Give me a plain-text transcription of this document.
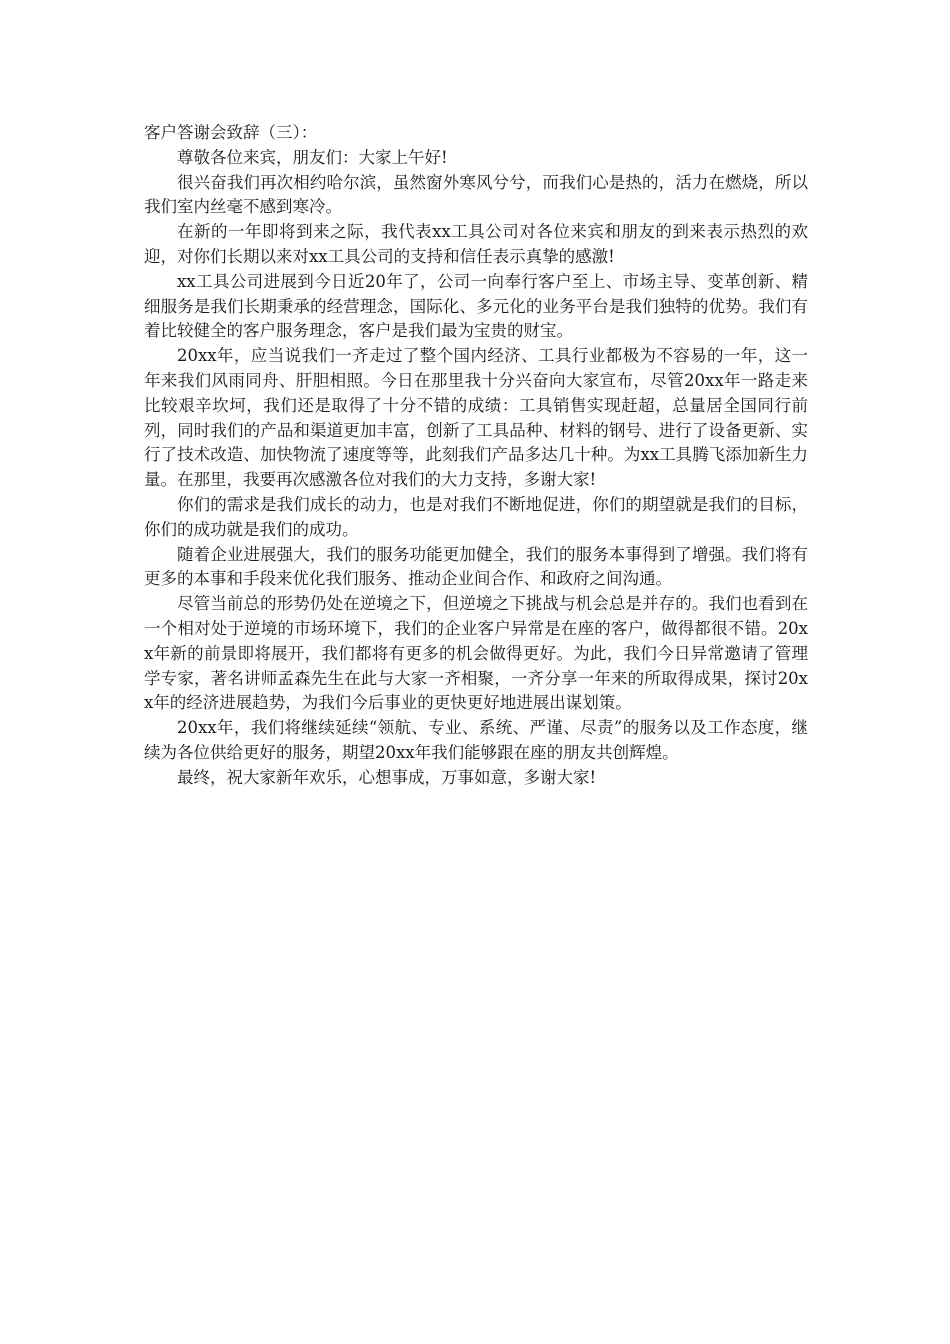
客户答谢会致辞（三）：

尊敬各位来宾，朋友们：大家上午好!

很兴奋我们再次相约哈尔滨，虽然窗外寒风兮兮，而我们心是热的，活力在燃烧，所以我们室内丝毫不感到寒冷。

在新的一年即将到来之际，我代表xx工具公司对各位来宾和朋友的到来表示热烈的欢迎，对你们长期以来对xx工具公司的支持和信任表示真挚的感激!

xx工具公司进展到今日近20年了，公司一向奉行客户至上、市场主导、变革创新、精细服务是我们长期秉承的经营理念，国际化、多元化的业务平台是我们独特的优势。我们有着比较健全的客户服务理念，客户是我们最为宝贵的财宝。

20xx年，应当说我们一齐走过了整个国内经济、工具行业都极为不容易的一年，这一年来我们风雨同舟、肝胆相照。今日在那里我十分兴奋向大家宣布，尽管20xx年一路走来比较艰辛坎坷，我们还是取得了十分不错的成绩：工具销售实现赶超，总量居全国同行前列，同时我们的产品和渠道更加丰富，创新了工具品种、材料的钢号、进行了设备更新、实行了技术改造、加快物流了速度等等，此刻我们产品多达几十种。为xx工具腾飞添加新生力量。在那里，我要再次感激各位对我们的大力支持，多谢大家!

你们的需求是我们成长的动力，也是对我们不断地促进，你们的期望就是我们的目标，你们的成功就是我们的成功。

随着企业进展强大，我们的服务功能更加健全，我们的服务本事得到了增强。我们将有更多的本事和手段来优化我们服务、推动企业间合作、和政府之间沟通。

尽管当前总的形势仍处在逆境之下，但逆境之下挑战与机会总是并存的。我们也看到在一个相对处于逆境的市场环境下，我们的企业客户异常是在座的客户，做得都很不错。20xx年新的前景即将展开，我们都将有更多的机会做得更好。为此，我们今日异常邀请了管理学专家，著名讲师孟森先生在此与大家一齐相聚，一齐分享一年来的所取得成果，探讨20xx年的经济进展趋势，为我们今后事业的更快更好地进展出谋划策。

20xx年，我们将继续延续“领航、专业、系统、严谨、尽责”的服务以及工作态度，继续为各位供给更好的服务，期望20xx年我们能够跟在座的朋友共创辉煌。

最终，祝大家新年欢乐，心想事成，万事如意，多谢大家!
